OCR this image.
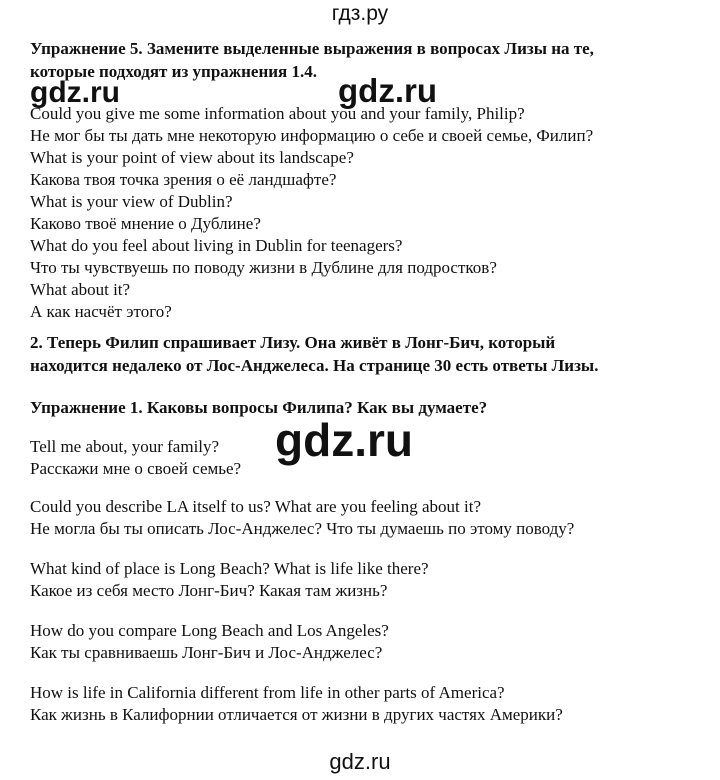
гдз.ру
gdz.ru	gdz.ru
gdz.ru
Упражнение 5. Замените выделенные выражения в вопросах Лизы на те,
которые подходят из упражнения 1.4.
Could you give me some information about you and your family, Philip?
Не мог бы ты дать мне некоторую информацию о себе и своей семье, Филип?
What is your point of view about its landscape?
Какова твоя точка зрения о её ландшафте?
What is your view of Dublin?
Каково твоё мнение о Дублине?
What do you feel about living in Dublin for teenagers?
Что ты чувствуешь по поводу жизни в Дублине для подростков?
What about it?
А как насчёт этого?
2. Теперь Филип спрашивает Лизу. Она живёт в Лонг-Бич, который
находится недалеко от Лос-Анджелеса. На странице 30 есть ответы Лизы.
Упражнение 1. Каковы вопросы Филипа? Как вы думаете?
Tell me about, your family?
Расскажи мне о своей семье?
Could you describe LA itself to us? What are you feeling about it?
Не могла бы ты описать Лос-Анджелес? Что ты думаешь по этому поводу?
What kind of place is Long Beach? What is life like there?
Какое из себя место Лонг-Бич? Какая там жизнь?
How do you compare Long Beach and Los Angeles?
Как ты сравниваешь Лонг-Бич и Лос-Анджелес?
How is life in California different from life in other parts of America?
Как жизнь в Калифорнии отличается от жизни в других частях Америки?
gdz.ru
